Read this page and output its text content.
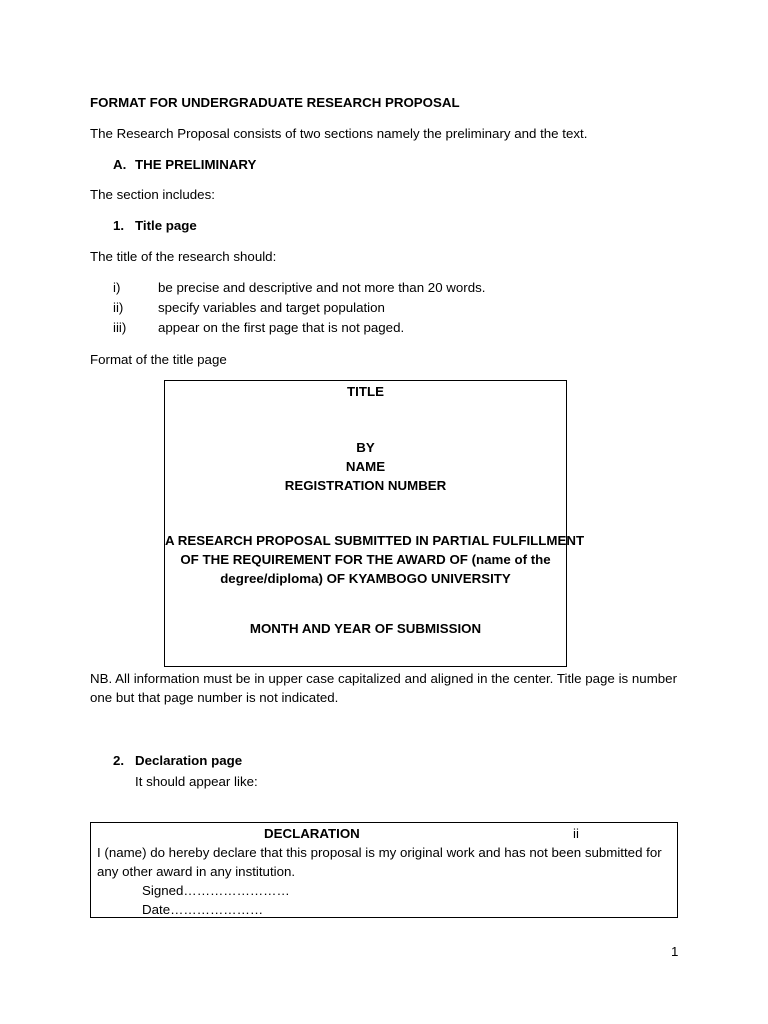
FORMAT FOR UNDERGRADUATE RESEARCH PROPOSAL
The Research Proposal consists of two sections namely the preliminary and the text.
A. THE PRELIMINARY
The section includes:
1. Title page
The title of the research should:
i)	be precise and descriptive and not more than 20 words.
ii)	specify variables and target population
iii) appear on the first page that is not paged.
Format of the title page
TITLE
BY
NAME
REGISTRATION NUMBER
A RESEARCH PROPOSAL SUBMITTED IN PARTIAL FULFILLMENT
OF THE REQUIREMENT FOR THE AWARD OF (name of the
degree/diploma) OF KYAMBOGO UNIVERSITY
MONTH AND YEAR OF SUBMISSION
NB. All information must be in upper case capitalized and aligned in the center. Title page is number one but that page number is not indicated.
2. Declaration page
It should appear like:
DECLARATION	ii
I (name) do hereby declare that this proposal is my original work and has not been submitted for any other award in any institution.
Signed……………………
Date…………………
1
